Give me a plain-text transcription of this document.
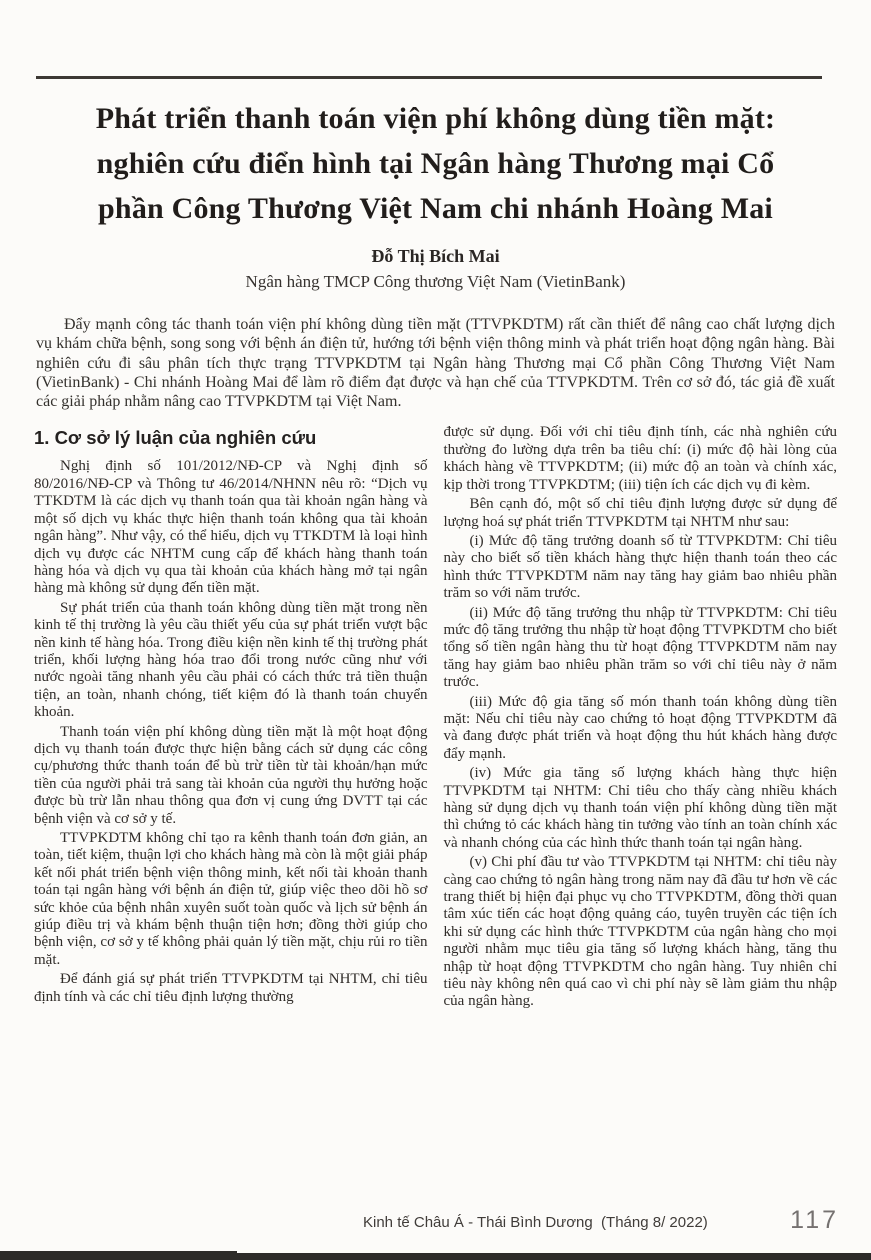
Phát triển thanh toán viện phí không dùng tiền mặt:
nghiên cứu điển hình tại Ngân hàng Thương mại Cổ
phần Công Thương Việt Nam chi nhánh Hoàng Mai
Đỗ Thị Bích Mai
Ngân hàng TMCP Công thương Việt Nam (VietinBank)

Đẩy mạnh công tác thanh toán viện phí không dùng tiền mặt (TTVPKDTM) rất cần thiết để nâng cao chất lượng dịch vụ khám chữa bệnh, song song với bệnh án điện tử, hướng tới bệnh viện thông minh và phát triển hoạt động ngân hàng. Bài nghiên cứu đi sâu phân tích thực trạng TTVPKDTM tại Ngân hàng Thương mại Cổ phần Công Thương Việt Nam (VietinBank) - Chi nhánh Hoàng Mai để làm rõ điểm đạt được và hạn chế của TTVPKDTM. Trên cơ sở đó, tác giả đề xuất các giải pháp nhằm nâng cao TTVPKDTM tại Việt Nam.

1. Cơ sở lý luận của nghiên cứu

Nghị định số 101/2012/NĐ-CP và Nghị định số 80/2016/NĐ-CP và Thông tư 46/2014/NHNN nêu rõ: “Dịch vụ TTKDTM là các dịch vụ thanh toán qua tài khoản ngân hàng và một số dịch vụ khác thực hiện thanh toán không qua tài khoản ngân hàng”. Như vậy, có thể hiểu, dịch vụ TTKDTM là loại hình dịch vụ được các NHTM cung cấp để khách hàng thanh toán hàng hóa và dịch vụ qua tài khoản của khách hàng mở tại ngân hàng mà không sử dụng đến tiền mặt.

Sự phát triển của thanh toán không dùng tiền mặt trong nền kinh tế thị trường là yêu cầu thiết yếu của sự phát triển vượt bậc nền kinh tế hàng hóa. Trong điều kiện nền kinh tế thị trường phát triển, khối lượng hàng hóa trao đổi trong nước cũng như với nước ngoài tăng nhanh yêu cầu phải có cách thức trả tiền thuận tiện, an toàn, nhanh chóng, tiết kiệm đó là thanh toán chuyển khoản.

Thanh toán viện phí không dùng tiền mặt là một hoạt động dịch vụ thanh toán được thực hiện bằng cách sử dụng các công cụ/phương thức thanh toán để bù trừ tiền từ tài khoản/hạn mức tiền của người phải trả sang tài khoản của người thụ hưởng hoặc được bù trừ lẫn nhau thông qua đơn vị cung ứng DVTT tại các bệnh viện và cơ sở y tế.

TTVPKDTM không chỉ tạo ra kênh thanh toán đơn giản, an toàn, tiết kiệm, thuận lợi cho khách hàng mà còn là một giải pháp kết nối phát triển bệnh viện thông minh, kết nối tài khoản thanh toán tại ngân hàng với bệnh án điện tử, giúp việc theo dõi hồ sơ sức khỏe của bệnh nhân xuyên suốt toàn quốc và lịch sử bệnh án giúp điều trị và khám bệnh thuận tiện hơn; đồng thời giúp cho bệnh viện, cơ sở y tế không phải quản lý tiền mặt, chịu rủi ro tiền mặt.

Để đánh giá sự phát triển TTVPKDTM tại NHTM, chỉ tiêu định tính và các chỉ tiêu định lượng thường

được sử dụng. Đối với chỉ tiêu định tính, các nhà nghiên cứu thường đo lường dựa trên ba tiêu chí: (i) mức độ hài lòng của khách hàng về TTVPKDTM; (ii) mức độ an toàn và chính xác, kịp thời trong TTVPKDTM; (iii) tiện ích các dịch vụ đi kèm.

Bên cạnh đó, một số chỉ tiêu định lượng được sử dụng để lượng hoá sự phát triển TTVPKDTM tại NHTM như sau:

(i) Mức độ tăng trưởng doanh số từ TTVPKDTM: Chỉ tiêu này cho biết số tiền khách hàng thực hiện thanh toán theo các hình thức TTVPKDTM năm nay tăng hay giảm bao nhiêu phần trăm so với năm trước.

(ii) Mức độ tăng trưởng thu nhập từ TTVPKDTM: Chỉ tiêu mức độ tăng trưởng thu nhập từ hoạt động TTVPKDTM cho biết tổng số tiền ngân hàng thu từ hoạt động TTVPKDTM năm nay tăng hay giảm bao nhiêu phần trăm so với chỉ tiêu này ở năm trước.

(iii) Mức độ gia tăng số món thanh toán không dùng tiền mặt: Nếu chỉ tiêu này cao chứng tỏ hoạt động TTVPKDTM đã và đang được phát triển và hoạt động thu hút khách hàng được đẩy mạnh.

(iv) Mức gia tăng số lượng khách hàng thực hiện TTVPKDTM tại NHTM: Chỉ tiêu cho thấy càng nhiều khách hàng sử dụng dịch vụ thanh toán viện phí không dùng tiền mặt thì chứng tỏ các khách hàng tin tưởng vào tính an toàn chính xác và nhanh chóng của các hình thức thanh toán tại ngân hàng.

(v) Chi phí đầu tư vào TTVPKDTM tại NHTM: chỉ tiêu này càng cao chứng tỏ ngân hàng trong năm nay đã đầu tư hơn về các trang thiết bị hiện đại phục vụ cho TTVPKDTM, đồng thời quan tâm xúc tiến các hoạt động quảng cáo, tuyên truyền các tiện ích khi sử dụng các hình thức TTVPKDTM của ngân hàng cho mọi người nhằm mục tiêu gia tăng số lượng khách hàng, tăng thu nhập từ hoạt động TTVPKDTM cho ngân hàng. Tuy nhiên chỉ tiêu này không nên quá cao vì chi phí này sẽ làm giảm thu nhập của ngân hàng.

Kinh tế Châu Á - Thái Bình Dương  (Tháng 8/ 2022)	117
